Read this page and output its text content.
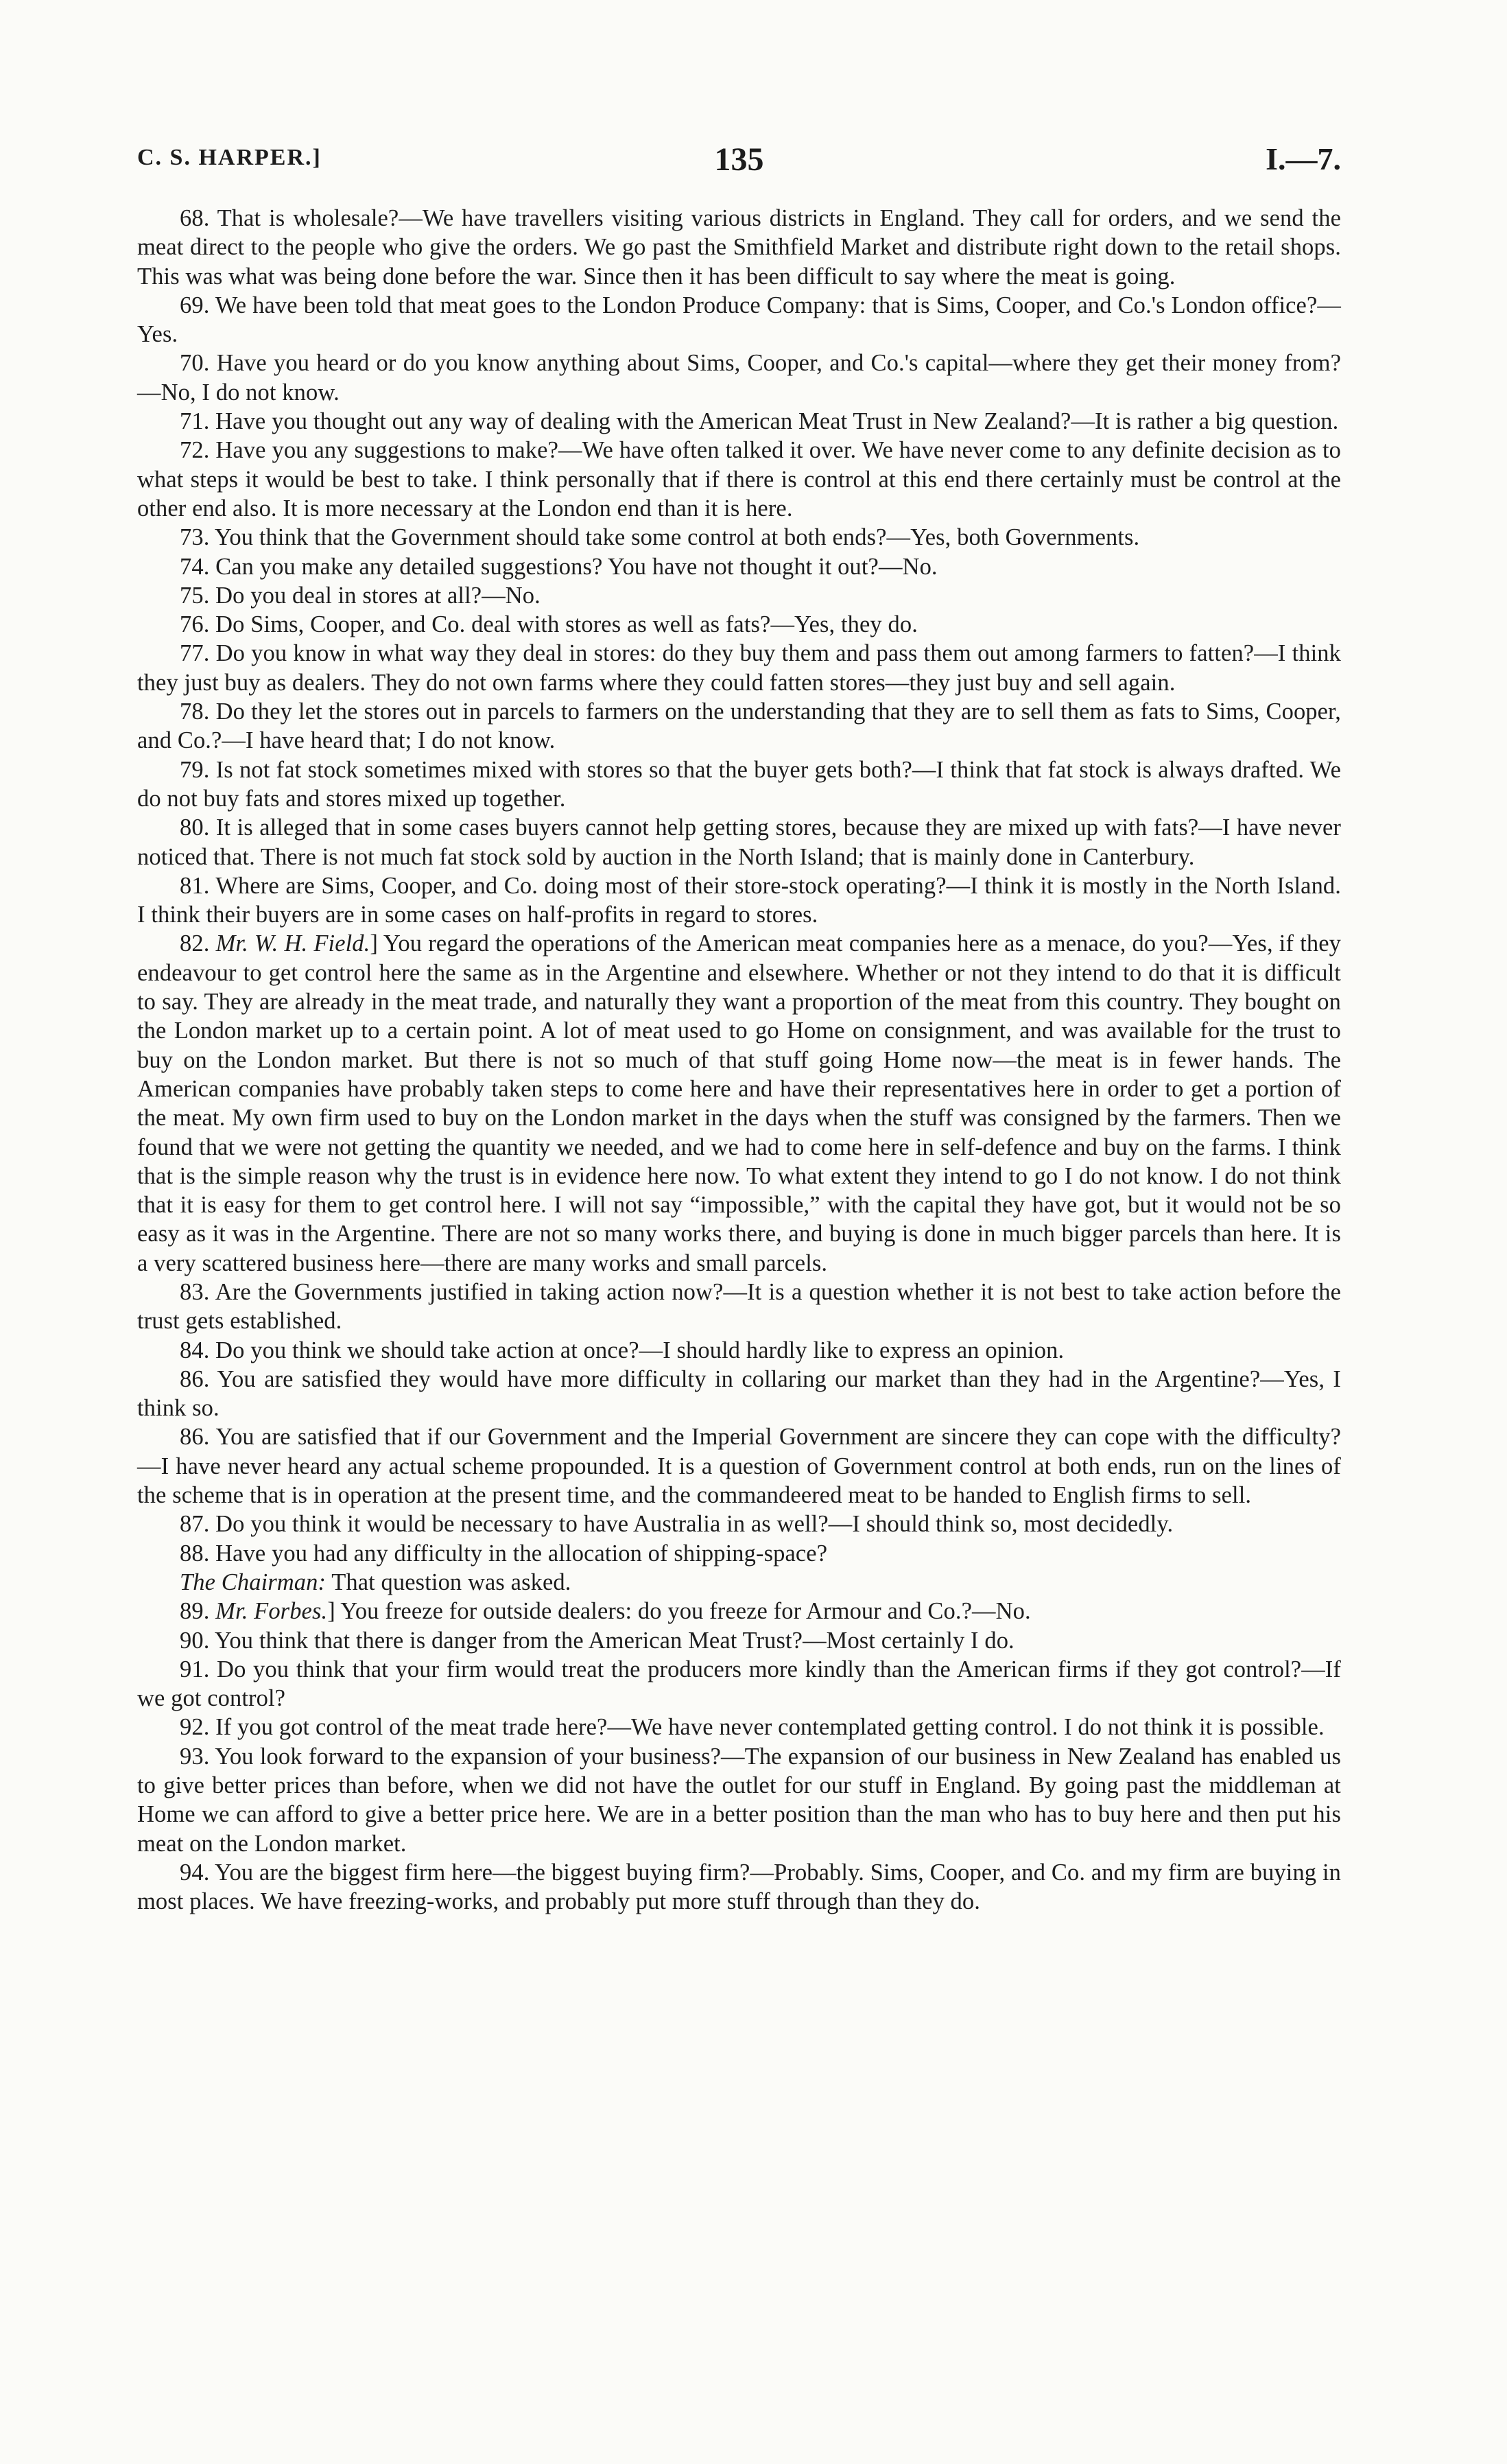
C. S. HARPER.]	135	I.—7.

68. That is wholesale?—We have travellers visiting various districts in England. They call for orders, and we send the meat direct to the people who give the orders. We go past the Smithfield Market and distribute right down to the retail shops. This was what was being done before the war. Since then it has been difficult to say where the meat is going.

69. We have been told that meat goes to the London Produce Company: that is Sims, Cooper, and Co.'s London office?—Yes.

70. Have you heard or do you know anything about Sims, Cooper, and Co.'s capital—where they get their money from?—No, I do not know.

71. Have you thought out any way of dealing with the American Meat Trust in New Zealand?—It is rather a big question.

72. Have you any suggestions to make?—We have often talked it over. We have never come to any definite decision as to what steps it would be best to take. I think personally that if there is control at this end there certainly must be control at the other end also. It is more necessary at the London end than it is here.

73. You think that the Government should take some control at both ends?—Yes, both Governments.

74. Can you make any detailed suggestions? You have not thought it out?—No.

75. Do you deal in stores at all?—No.

76. Do Sims, Cooper, and Co. deal with stores as well as fats?—Yes, they do.

77. Do you know in what way they deal in stores: do they buy them and pass them out among farmers to fatten?—I think they just buy as dealers. They do not own farms where they could fatten stores—they just buy and sell again.

78. Do they let the stores out in parcels to farmers on the understanding that they are to sell them as fats to Sims, Cooper, and Co.?—I have heard that; I do not know.

79. Is not fat stock sometimes mixed with stores so that the buyer gets both?—I think that fat stock is always drafted. We do not buy fats and stores mixed up together.

80. It is alleged that in some cases buyers cannot help getting stores, because they are mixed up with fats?—I have never noticed that. There is not much fat stock sold by auction in the North Island; that is mainly done in Canterbury.

81. Where are Sims, Cooper, and Co. doing most of their store-stock operating?—I think it is mostly in the North Island. I think their buyers are in some cases on half-profits in regard to stores.

82. Mr. W. H. Field.] You regard the operations of the American meat companies here as a menace, do you?—Yes, if they endeavour to get control here the same as in the Argentine and elsewhere. Whether or not they intend to do that it is difficult to say. They are already in the meat trade, and naturally they want a proportion of the meat from this country. They bought on the London market up to a certain point. A lot of meat used to go Home on consignment, and was available for the trust to buy on the London market. But there is not so much of that stuff going Home now—the meat is in fewer hands. The American companies have probably taken steps to come here and have their representatives here in order to get a portion of the meat. My own firm used to buy on the London market in the days when the stuff was consigned by the farmers. Then we found that we were not getting the quantity we needed, and we had to come here in self-defence and buy on the farms. I think that is the simple reason why the trust is in evidence here now. To what extent they intend to go I do not know. I do not think that it is easy for them to get control here. I will not say “impossible,” with the capital they have got, but it would not be so easy as it was in the Argentine. There are not so many works there, and buying is done in much bigger parcels than here. It is a very scattered business here—there are many works and small parcels.

83. Are the Governments justified in taking action now?—It is a question whether it is not best to take action before the trust gets established.

84. Do you think we should take action at once?—I should hardly like to express an opinion.

86. You are satisfied they would have more difficulty in collaring our market than they had in the Argentine?—Yes, I think so.

86. You are satisfied that if our Government and the Imperial Government are sincere they can cope with the difficulty?—I have never heard any actual scheme propounded. It is a question of Government control at both ends, run on the lines of the scheme that is in operation at the present time, and the commandeered meat to be handed to English firms to sell.

87. Do you think it would be necessary to have Australia in as well?—I should think so, most decidedly.

88. Have you had any difficulty in the allocation of shipping-space?

The Chairman: That question was asked.

89. Mr. Forbes.] You freeze for outside dealers: do you freeze for Armour and Co.?—No.

90. You think that there is danger from the American Meat Trust?—Most certainly I do.

91. Do you think that your firm would treat the producers more kindly than the American firms if they got control?—If we got control?

92. If you got control of the meat trade here?—We have never contemplated getting control. I do not think it is possible.

93. You look forward to the expansion of your business?—The expansion of our business in New Zealand has enabled us to give better prices than before, when we did not have the outlet for our stuff in England. By going past the middleman at Home we can afford to give a better price here. We are in a better position than the man who has to buy here and then put his meat on the London market.

94. You are the biggest firm here—the biggest buying firm?—Probably. Sims, Cooper, and Co. and my firm are buying in most places. We have freezing-works, and probably put more stuff through than they do.
